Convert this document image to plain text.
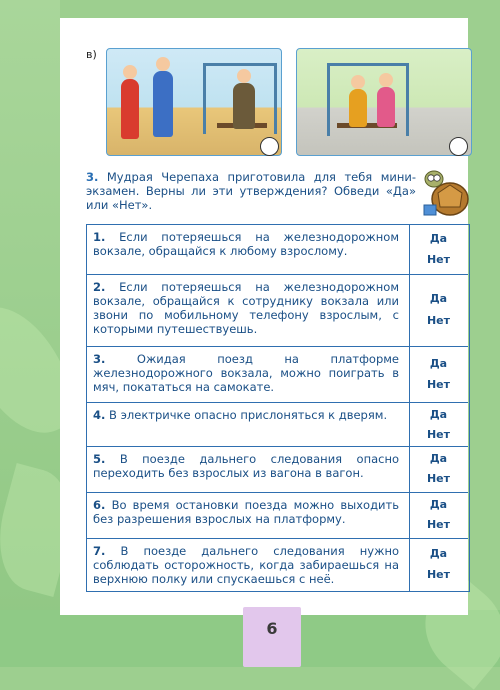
в)
3. Мудрая Черепаха приготовила для тебя мини-экзамен. Верны ли эти утверждения? Обведи «Да» или «Нет».
1. Если потеряешься на железнодорожном вокзале, обращайся к любому взрослому.
Да
Нет
2. Если потеряешься на железнодорожном вокзале, обращайся к сотруднику вокзала или звони по мобильному телефону взрослым, с которыми путешествуешь.
Да
Нет
3.	Ожидая поезд на платформе железнодорожного вокзала, можно поиграть в мяч, покататься на самокате.
Да
Нет
4. В электричке опасно прислоняться к дверям.	Да
Нет
5. В поезде дальнего следования опасно переходить без взрослых из вагона в вагон.
Да
Нет
6. Во время остановки поезда можно выходить без разрешения взрослых на платформу.
Да
Нет
7. В поезде дальнего следования нужно соблюдать осторожность, когда забираешься на верхнюю полку или спускаешься с неё.
Да
Нет
6
